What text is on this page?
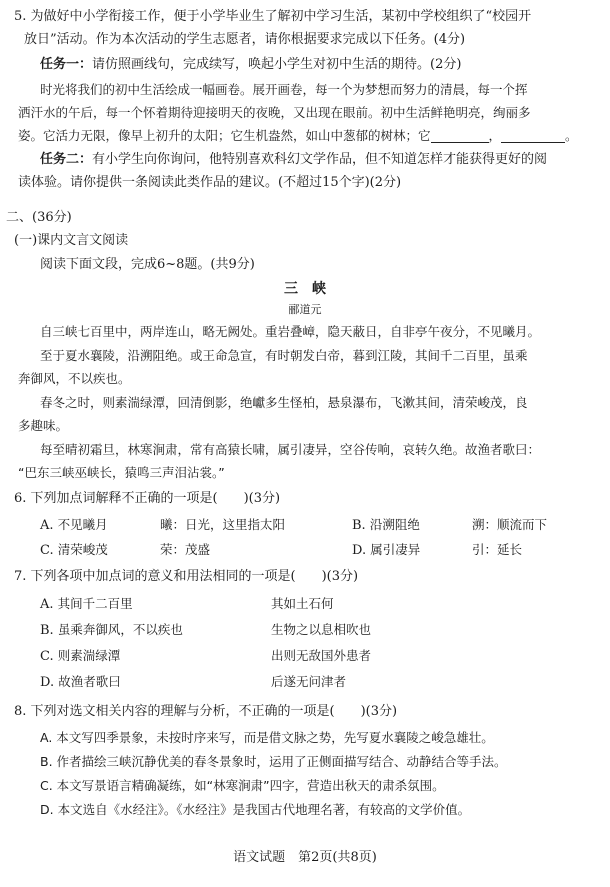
5. 为做好中小学衔接工作，便于小学毕业生了解初中学习生活，某初中学校组织了“校园开
放日”活动。作为本次活动的学生志愿者，请你根据要求完成以下任务。(4分)
任务一：请仿照画线句，完成续写，唤起小学生对初中生活的期待。(2分)
时光将我们的初中生活绘成一幅画卷。展开画卷，每一个为梦想而努力的清晨，每一个挥
洒汗水的午后，每一个怀着期待迎接明天的夜晚，又出现在眼前。初中生活鲜艳明亮，绚丽多
姿。它活力无限，像早上初升的太阳；它生机盎然，如山中葱郁的树林；它	，	。
任务二：有小学生向你询问，他特别喜欢科幻文学作品，但不知道怎样才能获得更好的阅
读体验。请你提供一条阅读此类作品的建议。(不超过15个字)(2分)
二、(36分)
(一)课内文言文阅读
阅读下面文段，完成6~8题。(共9分)
三　峡
郦道元
自三峡七百里中，两岸连山，略无阙处。重岩叠嶂，隐天蔽日，自非亭午夜分，不见曦月。
至于夏水襄陵，沿溯阻绝。或王命急宣，有时朝发白帝，暮到江陵，其间千二百里，虽乘
奔御风，不以疾也。
春冬之时，则素湍绿潭，回清倒影，绝巘多生怪柏，悬泉瀑布，飞漱其间，清荣峻茂，良
多趣味。
每至晴初霜旦，林寒涧肃，常有高猿长啸，属引凄异，空谷传响，哀转久绝。故渔者歌曰：
“巴东三峡巫峡长，猿鸣三声泪沾裳。”
6. 下列加点词解释不正确的一项是(　　)(3分)
A. 不见曦月	曦：日光，这里指太阳	B. 沿溯阻绝	溯：顺流而下
C. 清荣峻茂	荣：茂盛	D. 属引凄异	引：延长
7. 下列各项中加点词的意义和用法相同的一项是(　　)(3分)
A. 其间千二百里	其如土石何
B. 虽乘奔御风，不以疾也	生物之以息相吹也
C. 则素湍绿潭	出则无敌国外患者
D. 故渔者歌曰	后遂无问津者
8. 下列对选文相关内容的理解与分析，不正确的一项是(　　)(3分)
A. 本文写四季景象，未按时序来写，而是借文脉之势，先写夏水襄陵之峻急雄壮。
B. 作者描绘三峡沉静优美的春冬景象时，运用了正侧面描写结合、动静结合等手法。
C. 本文写景语言精确凝练，如“林寒涧肃”四字，营造出秋天的肃杀氛围。
D. 本文选自《水经注》。《水经注》是我国古代地理名著，有较高的文学价值。
语文试题　第2页(共8页)
